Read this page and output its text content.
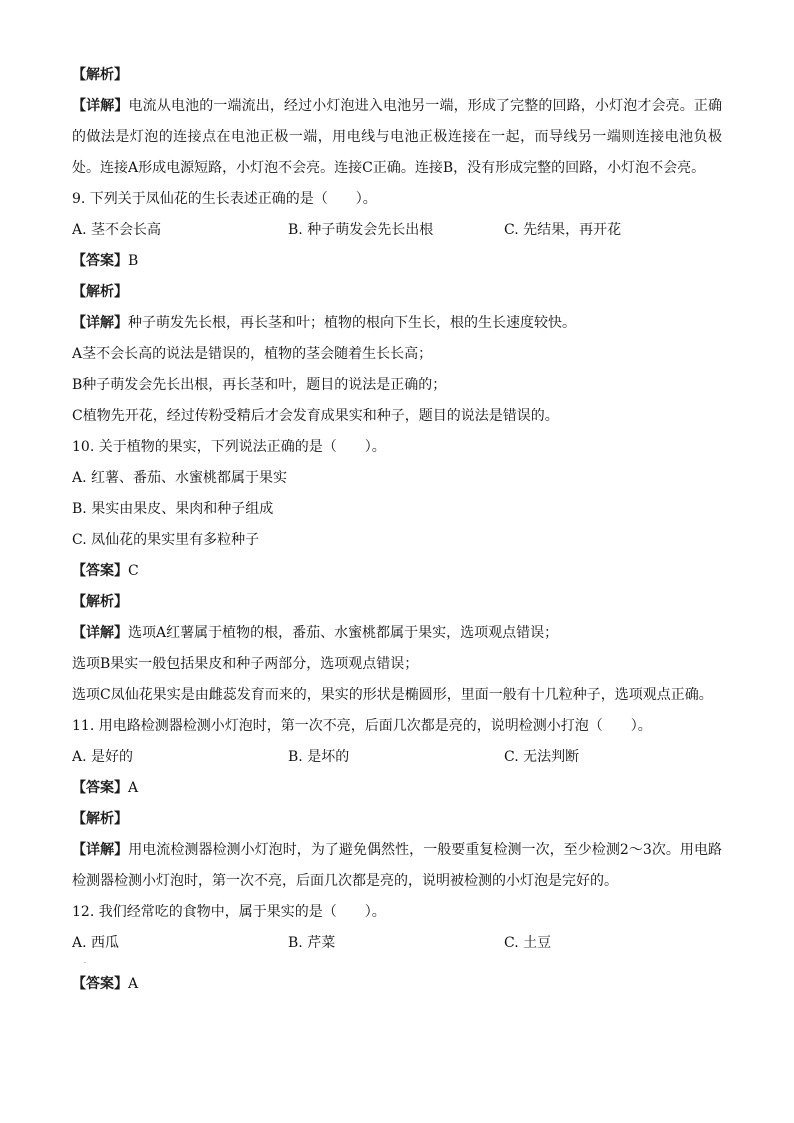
【解析】
【详解】电流从电池的一端流出，经过小灯泡进入电池另一端，形成了完整的回路，小灯泡才会亮。正确的做法是灯泡的连接点在电池正极一端，用电线与电池正极连接在一起，而导线另一端则连接电池负极处。连接A形成电源短路，小灯泡不会亮。连接C正确。连接B，没有形成完整的回路，小灯泡不会亮。
9. 下列关于凤仙花的生长表述正确的是（　　）。
A. 茎不会长高	B. 种子萌发会先长出根	C. 先结果，再开花
【答案】B
【解析】
【详解】种子萌发先长根，再长茎和叶；植物的根向下生长，根的生长速度较快。
A茎不会长高的说法是错误的，植物的茎会随着生长长高；
B种子萌发会先长出根，再长茎和叶，题目的说法是正确的；
C植物先开花，经过传粉受精后才会发育成果实和种子，题目的说法是错误的。
10. 关于植物的果实，下列说法正确的是（　　）。
A. 红薯、番茄、水蜜桃都属于果实
B. 果实由果皮、果肉和种子组成
C. 凤仙花的果实里有多粒种子
【答案】C
【解析】
【详解】选项A红薯属于植物的根，番茄、水蜜桃都属于果实，选项观点错误；
选项B果实一般包括果皮和种子两部分，选项观点错误；
选项C凤仙花果实是由雌蕊发育而来的，果实的形状是椭圆形，里面一般有十几粒种子，选项观点正确。
11. 用电路检测器检测小灯泡时，第一次不亮，后面几次都是亮的，说明检测小打泡（　　）。
A. 是好的	B. 是坏的	C. 无法判断
【答案】A
【解析】
【详解】用电流检测器检测小灯泡时，为了避免偶然性，一般要重复检测一次，至少检测2～3次。用电路检测器检测小灯泡时，第一次不亮，后面几次都是亮的，说明被检测的小灯泡是完好的。
12. 我们经常吃的食物中，属于果实的是（　　）。
A. 西瓜	B. 芹菜	C. 土豆
.
【答案】A
